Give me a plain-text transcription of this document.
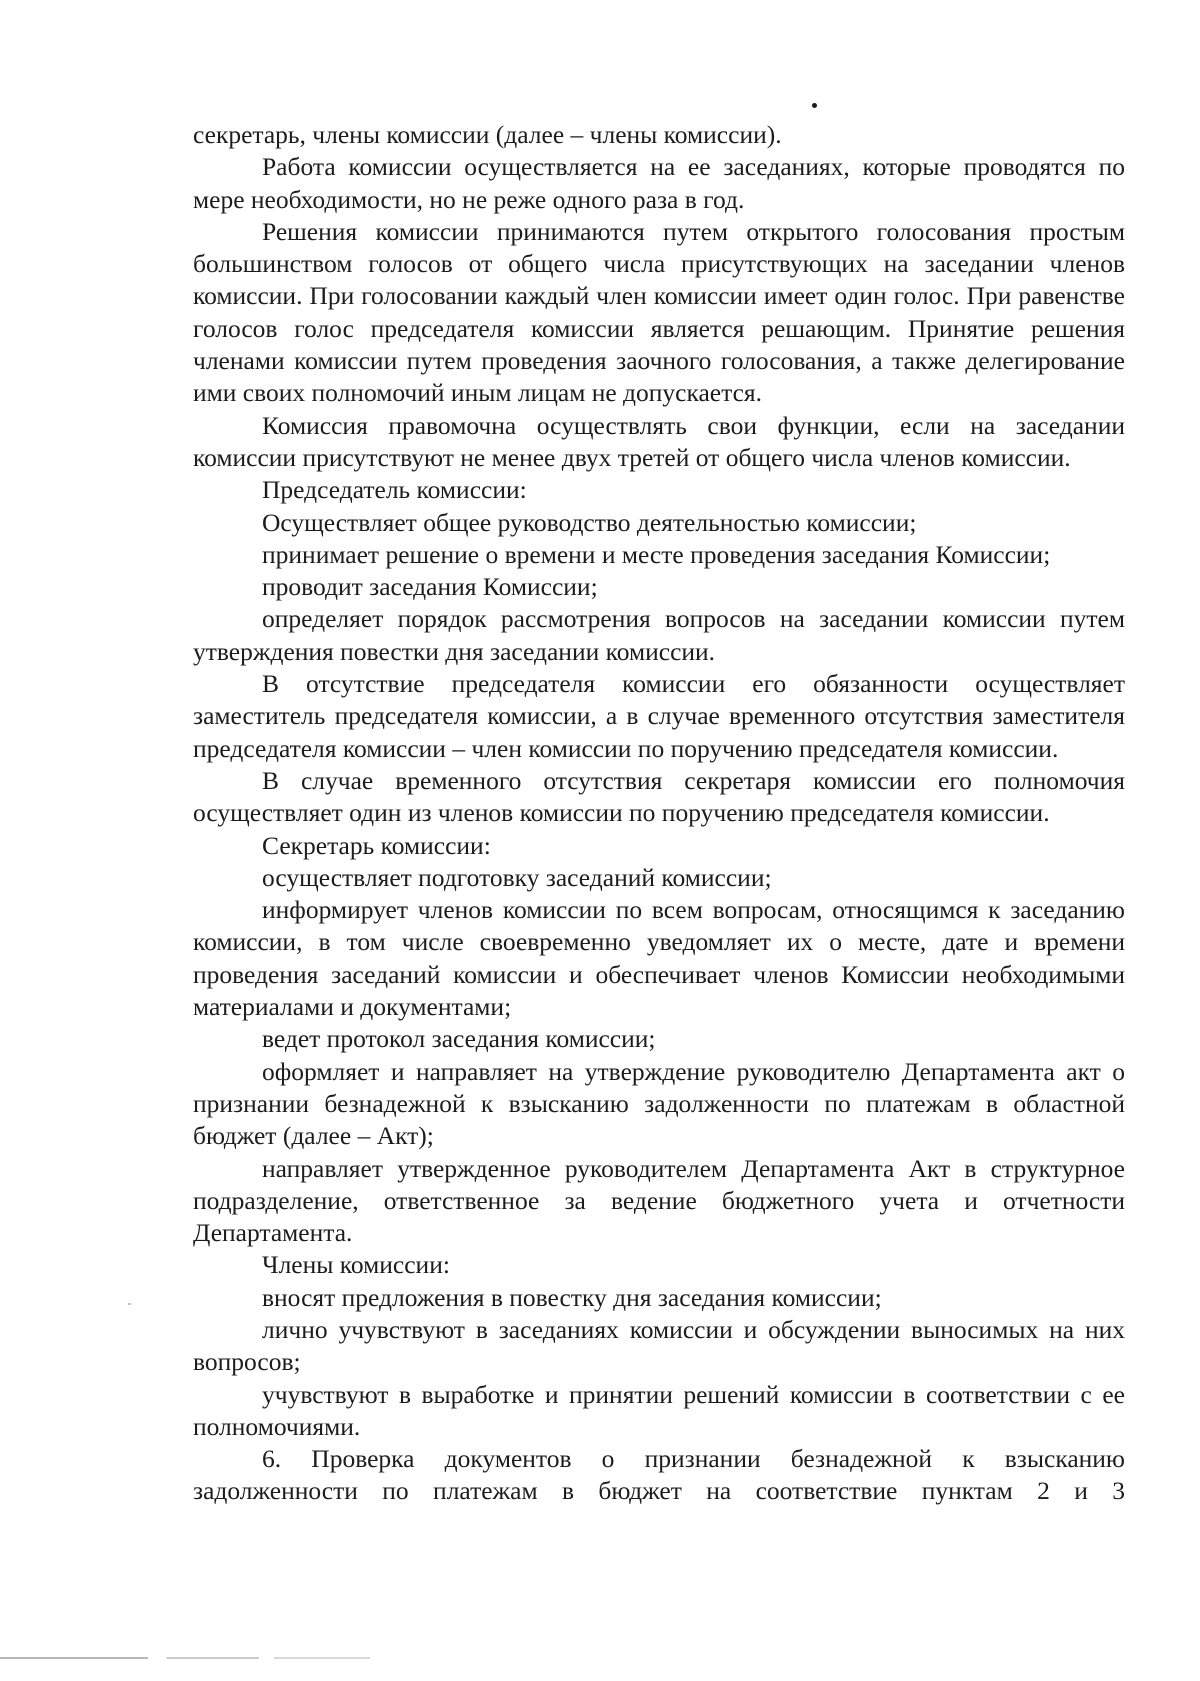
секретарь, члены комиссии (далее – члены комиссии).

Работа комиссии осуществляется на ее заседаниях, которые проводятся по мере необходимости, но не реже одного раза в год.

Решения комиссии принимаются путем открытого голосования простым большинством голосов от общего числа присутствующих на заседании членов комиссии. При голосовании каждый член комиссии имеет один голос. При равенстве голосов голос председателя комиссии является решающим. Принятие решения членами комиссии путем проведения заочного голосования, а также делегирование ими своих полномочий иным лицам не допускается.

Комиссия правомочна осуществлять свои функции, если на заседании комиссии присутствуют не менее двух третей от общего числа членов комиссии.

Председатель комиссии:

Осуществляет общее руководство деятельностью комиссии;

принимает решение о времени и месте проведения заседания Комиссии;

проводит заседания Комиссии;

определяет порядок рассмотрения вопросов на заседании комиссии путем утверждения повестки дня заседании комиссии.

В отсутствие председателя комиссии его обязанности осуществляет заместитель председателя комиссии, а в случае временного отсутствия заместителя председателя комиссии – член комиссии по поручению председателя комиссии.

В случае временного отсутствия секретаря комиссии его полномочия осуществляет один из членов комиссии по поручению председателя комиссии.

Секретарь комиссии:

осуществляет подготовку заседаний комиссии;

информирует членов комиссии по всем вопросам, относящимся к заседанию комиссии, в том числе своевременно уведомляет их о месте, дате и времени проведения заседаний комиссии и обеспечивает членов Комиссии необходимыми материалами и документами;

ведет протокол заседания комиссии;

оформляет и направляет на утверждение руководителю Департамента акт о признании безнадежной к взысканию задолженности по платежам в областной бюджет (далее – Акт);

направляет утвержденное руководителем Департамента Акт в структурное подразделение, ответственное за ведение бюджетного учета и отчетности Департамента.

Члены комиссии:

вносят предложения в повестку дня заседания комиссии;

лично учувствуют в заседаниях комиссии и обсуждении выносимых на них вопросов;

учувствуют в выработке и принятии решений комиссии в соответствии с ее полномочиями.

6. Проверка документов о признании безнадежной к взысканию задолженности по платежам в бюджет на соответствие пунктам 2 и 3
